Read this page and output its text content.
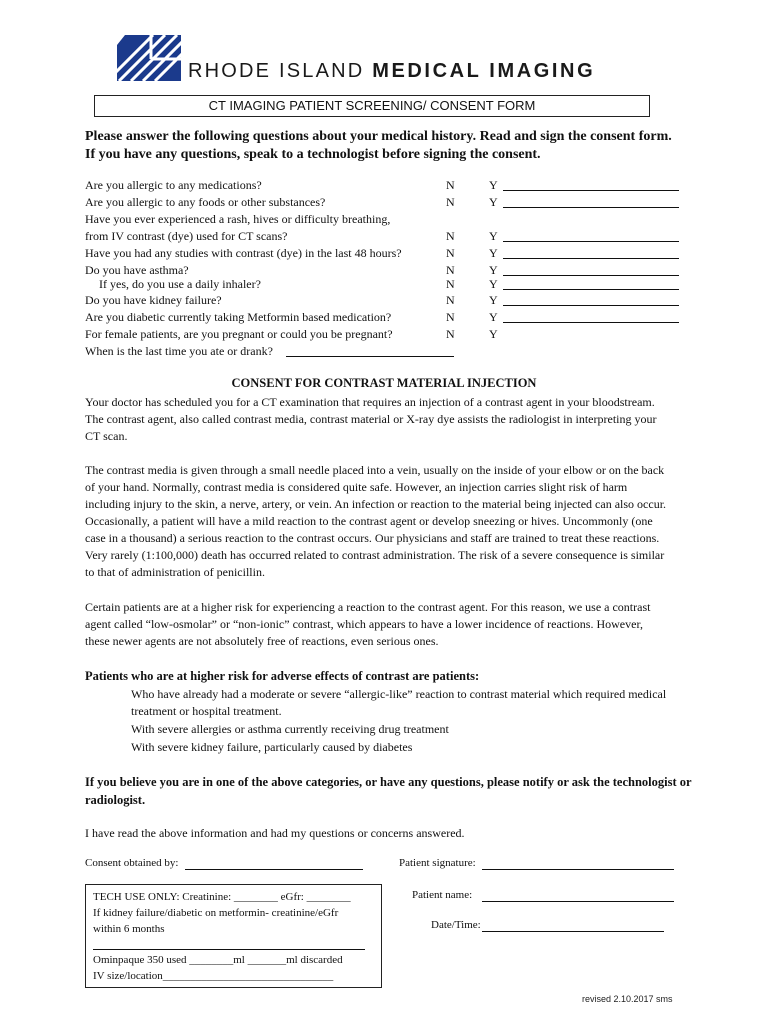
RHODE ISLAND MEDICAL IMAGING
CT IMAGING PATIENT SCREENING/ CONSENT FORM
Please answer the following questions about your medical history. Read and sign the consent form.
If you have any questions, speak to a technologist before signing the consent.
Are you allergic to any medications?	N	Y
Are you allergic to any foods or other substances?	N	Y
Have you ever experienced a rash, hives or difficulty breathing,
from IV contrast (dye) used for CT scans?	N	Y
Have you had any studies with contrast (dye) in the last 48 hours?	N	Y
Do you have asthma?	N	Y
If yes, do you use a daily inhaler?	N	Y
Do you have kidney failure?	N	Y
Are you diabetic currently taking Metformin based medication?	N	Y
For female patients, are you pregnant or could you be pregnant?	N	Y
When is the last time you ate or drank?
CONSENT FOR CONTRAST MATERIAL INJECTION

Your doctor has scheduled you for a CT examination that requires an injection of a contrast agent in your bloodstream.

The contrast agent, also called contrast media, contrast material or X-ray dye assists the radiologist in interpreting your

CT scan.

The contrast media is given through a small needle placed into a vein, usually on the inside of your elbow or on the back

of your hand. Normally, contrast media is considered quite safe. However, an injection carries slight risk of harm

including injury to the skin, a nerve, artery, or vein. An infection or reaction to the material being injected can also occur.

Occasionally, a patient will have a mild reaction to the contrast agent or develop sneezing or hives. Uncommonly (one

case in a thousand) a serious reaction to the contrast occurs. Our physicians and staff are trained to treat these reactions.

Very rarely (1:100,000) death has occurred related to contrast administration. The risk of a severe consequence is similar

to that of administration of penicillin.

Certain patients are at a higher risk for experiencing a reaction to the contrast agent. For this reason, we use a contrast

agent called “low-osmolar” or “non-ionic” contrast, which appears to have a lower incidence of reactions. However,

these newer agents are not absolutely free of reactions, even serious ones.

Patients who are at higher risk for adverse effects of contrast are patients:
Who have already had a moderate or severe “allergic-like” reaction to contrast material which required medical
treatment or hospital treatment.
With severe allergies or asthma currently receiving drug treatment
With severe kidney failure, particularly caused by diabetes
If you believe you are in one of the above categories, or have any questions, please notify or ask the technologist or
radiologist.
I have read the above information and had my questions or concerns answered.
Consent obtained by:	Patient signature:
Patient name:
Date/Time:
TECH USE ONLY: Creatinine: ________ eGfr: ________
If kidney failure/diabetic on metformin- creatinine/eGfr
within 6 months
Ominpaque 350 used ________ml _______ml discarded
IV size/location_______________________________
revised 2.10.2017 sms
